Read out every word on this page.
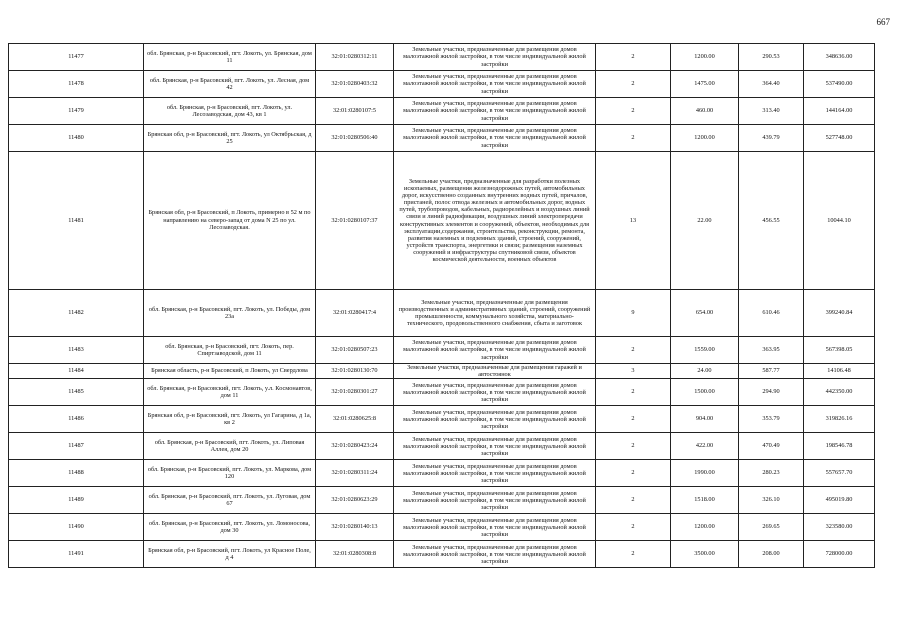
667
11477	обл. Брянская, р-н Брасовский, пгт. Локоть, ул. Брянская, дом 11	32:01:0280312:11	Земельные участки, предназначенные для размещения домов малоэтажной жилой застройки, в том числе индивидуальной жилой застройки	2	1200.00	290.53	348636.00
11478	обл. Брянская, р-н Брасовский, пгт. Локоть, ул. Лесная, дом 42	32:01:0280403:32	Земельные участки, предназначенные для размещения домов малоэтажной жилой застройки, в том числе индивидуальной жилой застройки	2	1475.00	364.40	537490.00
11479	обл. Брянская, р-н Брасовский, пгт. Локоть, ул. Лесозаводская, дом 43, кв 1	32:01:0280107:5	Земельные участки, предназначенные для размещения домов малоэтажной жилой застройки, в том числе индивидуальной жилой застройки	2	460.00	313.40	144164.00
11480	Брянская обл, р-н Брасовский, пгт. Локоть, ул Октябрьская, д 25	32:01:0280506:40	Земельные участки, предназначенные для размещения домов малоэтажной жилой застройки, в том числе индивидуальной жилой застройки	2	1200.00	439.79	527748.00
11481	Брянская обл, р-н Брасовский, п Локоть, примерно в 52 м по направлению на северо-запад от дома N 25 по ул. Лесозаводская.	32:01:0280107:37	Земельные участки, предназначенные для разработки полезных ископаемых, размещения железнодорожных путей, автомобильных дорог, искусственно созданных внутренних водных путей, причалов, пристаней, полос отвода железных и автомобильных дорог, водных путей, трубопроводов, кабельных, радиорелейных и воздушных линий связи и линий радиофикации, воздушных линий электропередачи конструктивных элементов и сооружений, объектов, необходимых для эксплуатации,содержания, строительства, реконструкции, ремонта, развития наземных и подземных зданий, строений, сооружений, устройств транспорта, энергетики и связи; размещения наземных сооружений и инфраструктуры спутниковой связи, объектов космической деятельности, военных объектов	13	22.00	456.55	10044.10
11482	обл. Брянская, р-н Брасовский, пгт. Локоть, ул. Победы, дом 23а	32:01:0280417:4	Земельные участки, предназначенные для размещения производственных и административных зданий, строений, сооружений промышленности, коммунального хозяйства, материально-технического, продовольственного снабжения, сбыта и заготовок	9	654.00	610.46	399240.84
11483	обл. Брянская, р-н Брасовский, пгт. Локоть, пер. Спиртзаводской, дом 11	32:01:0280507:23	Земельные участки, предназначенные для размещения домов малоэтажной жилой застройки, в том числе индивидуальной жилой застройки	2	1559.00	363.95	567398.05
11484	Брянская область, р-н Брасовский, п Локоть, ул Свердлова	32:01:0280130:70	Земельные участки, предназначенные для размещения гаражей и автостоянок	3	24.00	587.77	14106.48
11485	обл. Брянская, р-н Брасовский, пгт. Локоть, у.л. Космонавтов, дом 11	32:01:0280301:27	Земельные участки, предназначенные для размещения домов малоэтажной жилой застройки, в том числе индивидуальной жилой застройки	2	1500.00	294.90	442350.00
11486	Брянская обл, р-н Брасовский, пгт. Локоть, ул Гагарина, д 1а, кв 2	32:01:0280625:8	Земельные участки, предназначенные для размещения домов малоэтажной жилой застройки, в том числе индивидуальной жилой застройки	2	904.00	353.79	319826.16
11487	обл. Брянская, р-н Брасовский, пгт. Локоть, ул. Липовая Аллея, дом 20	32:01:0280423:24	Земельные участки, предназначенные для размещения домов малоэтажной жилой застройки, в том числе индивидуальной жилой застройки	2	422.00	470.49	198546.78
11488	обл. Брянская, р-н Брасовский, пгт. Локоть, ул. Маркова, дом 120	32:01:0280311:24	Земельные участки, предназначенные для размещения домов малоэтажной жилой застройки, в том числе индивидуальной жилой застройки	2	1990.00	280.23	557657.70
11489	обл. Брянская, р-н Брасовский, пгт. Локоть, ул. Луговая, дом 67	32:01:0280623:29	Земельные участки, предназначенные для размещения домов малоэтажной жилой застройки, в том числе индивидуальной жилой застройки	2	1518.00	326.10	495019.80
11490	обл. Брянская, р-н Брасовский, пгт. Локоть, ул. Ломоносова, дом 30	32:01:0280140:13	Земельные участки, предназначенные для размещения домов малоэтажной жилой застройки, в том числе индивидуальной жилой застройки	2	1200.00	269.65	323580.00
11491	Брянская обл, р-н Брасовский, пгт. Локоть, ул Красное Поле, д 4	32:01:0280308:8	Земельные участки, предназначенные для размещения домов малоэтажной жилой застройки, в том числе индивидуальной жилой застройки	2	3500.00	208.00	728000.00
